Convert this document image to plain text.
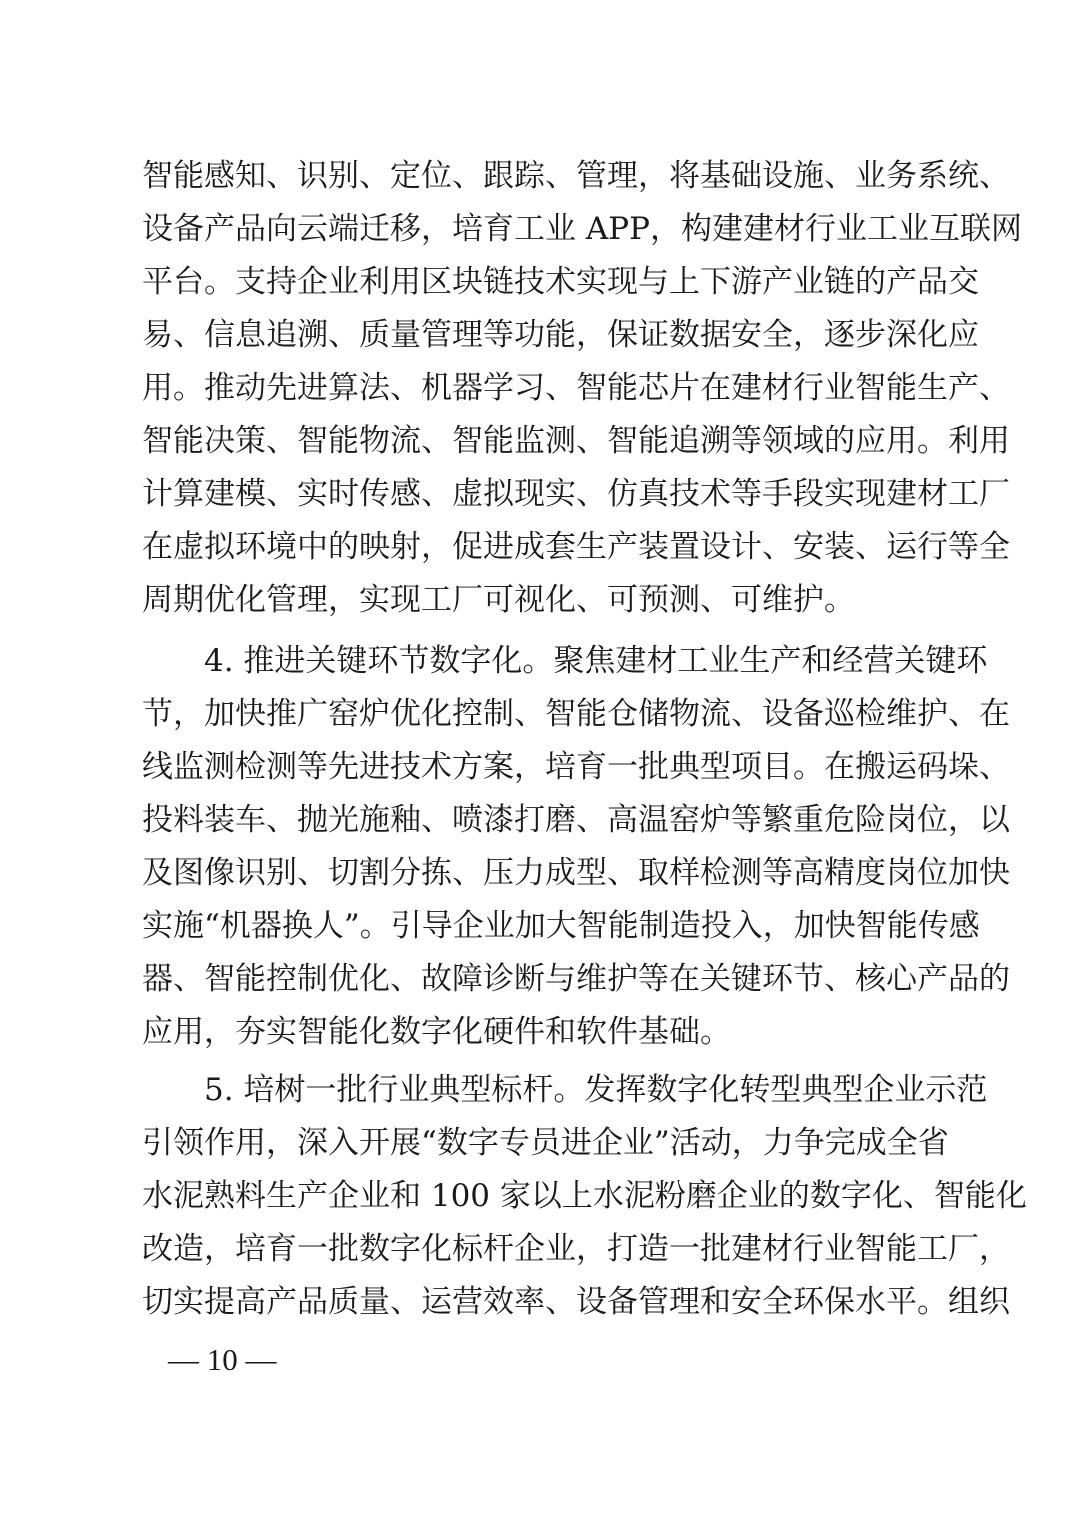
智能感知、识别、定位、跟踪、管理，将基础设施、业务系统、
设备产品向云端迁移，培育工业 APP，构建建材行业工业互联网
平台。支持企业利用区块链技术实现与上下游产业链的产品交
易、信息追溯、质量管理等功能，保证数据安全，逐步深化应
用。推动先进算法、机器学习、智能芯片在建材行业智能生产、
智能决策、智能物流、智能监测、智能追溯等领域的应用。利用
计算建模、实时传感、虚拟现实、仿真技术等手段实现建材工厂
在虚拟环境中的映射，促进成套生产装置设计、安装、运行等全
周期优化管理，实现工厂可视化、可预测、可维护。
4. 推进关键环节数字化。聚焦建材工业生产和经营关键环
节，加快推广窑炉优化控制、智能仓储物流、设备巡检维护、在
线监测检测等先进技术方案，培育一批典型项目。在搬运码垛、
投料装车、抛光施釉、喷漆打磨、高温窑炉等繁重危险岗位，以
及图像识别、切割分拣、压力成型、取样检测等高精度岗位加快
实施“机器换人”。引导企业加大智能制造投入，加快智能传感
器、智能控制优化、故障诊断与维护等在关键环节、核心产品的
应用，夯实智能化数字化硬件和软件基础。
5. 培树一批行业典型标杆。发挥数字化转型典型企业示范
引领作用，深入开展“数字专员进企业”活动，力争完成全省
水泥熟料生产企业和 100 家以上水泥粉磨企业的数字化、智能化
改造，培育一批数字化标杆企业，打造一批建材行业智能工厂，
切实提高产品质量、运营效率、设备管理和安全环保水平。组织
— 10 —
